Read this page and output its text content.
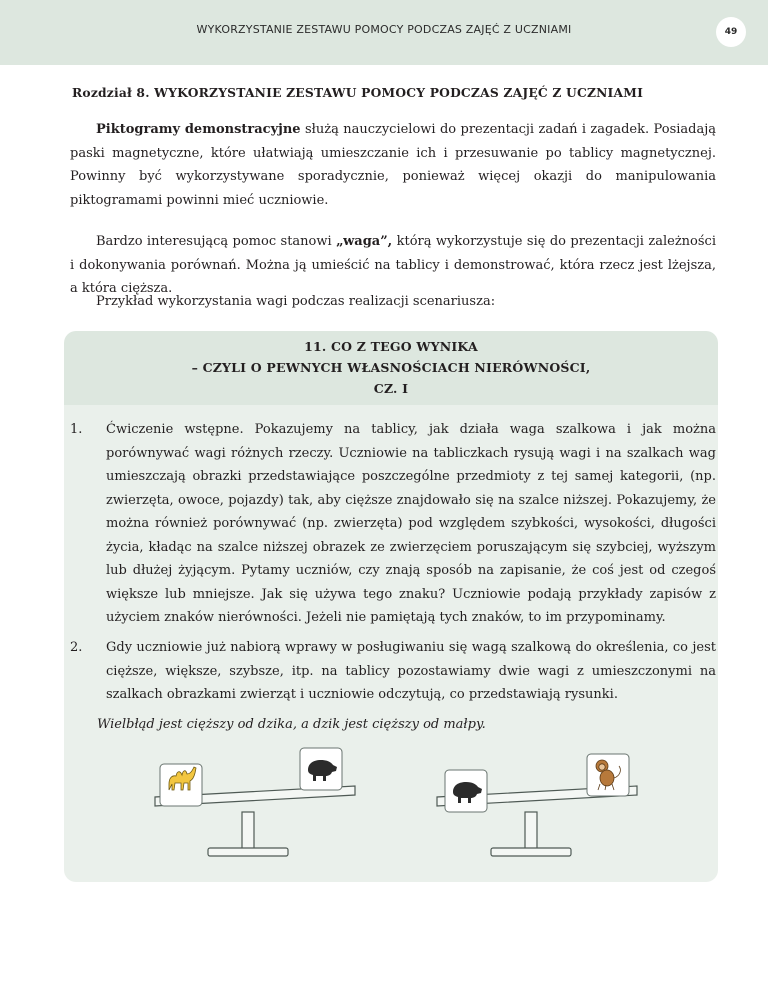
WYKORZYSTANIE ZESTAWU POMOCY PODCZAS ZAJĘĆ Z UCZNIAMI	49
Rozdział 8. WYKORZYSTANIE ZESTAWU POMOCY PODCZAS ZAJĘĆ Z UCZNIAMI

Piktogramy demonstracyjne służą nauczycielowi do prezentacji zadań i zagadek. Posiadają paski magnetyczne, które ułatwiają umieszczanie ich i przesuwanie po tablicy magnetycznej. Powinny być wykorzystywane sporadycznie, ponieważ więcej okazji do manipulowania piktogramami powinni mieć uczniowie.

Bardzo interesującą pomoc stanowi „waga”, którą wykorzystuje się do prezentacji zależności i dokonywania porównań. Można ją umieścić na tablicy i demonstrować, która rzecz jest lżejsza, a która cięższa.

Przykład wykorzystania wagi podczas realizacji scenariusza:

11. CO Z TEGO WYNIKA
– CZYLI O PEWNYCH WŁASNOŚCIACH NIERÓWNOŚCI,
CZ. I
1. Ćwiczenie wstępne. Pokazujemy na tablicy, jak działa waga szalkowa i jak można porównywać wagi różnych rzeczy. Uczniowie na tabliczkach rysują wagi i na szalkach wag umieszczają obrazki przedstawiające poszczególne przedmioty z tej samej kategorii, (np. zwierzęta, owoce, pojazdy) tak, aby cięższe znajdowało się na szalce niższej. Pokazujemy, że można również porównywać (np. zwierzęta) pod względem szybkości, wysokości, długości życia, kładąc na szalce niższej obrazek ze zwierzęciem poruszającym się szybciej, wyższym lub dłużej żyjącym. Pytamy uczniów, czy znają sposób na zapisanie, że coś jest od czegoś większe lub mniejsze. Jak się używa tego znaku? Uczniowie podają przykłady zapisów z użyciem znaków nierówności. Jeżeli nie pamiętają tych znaków, to im przypominamy.
2. Gdy uczniowie już nabiorą wprawy w posługiwaniu się wagą szalkową do określenia, co jest cięższe, większe, szybsze, itp. na tablicy pozostawiamy dwie wagi z umieszczonymi na szalkach obrazkami zwierząt i uczniowie odczytują, co przedstawiają rysunki.
Wielbłąd jest cięższy od dzika, a dzik jest cięższy od małpy.
